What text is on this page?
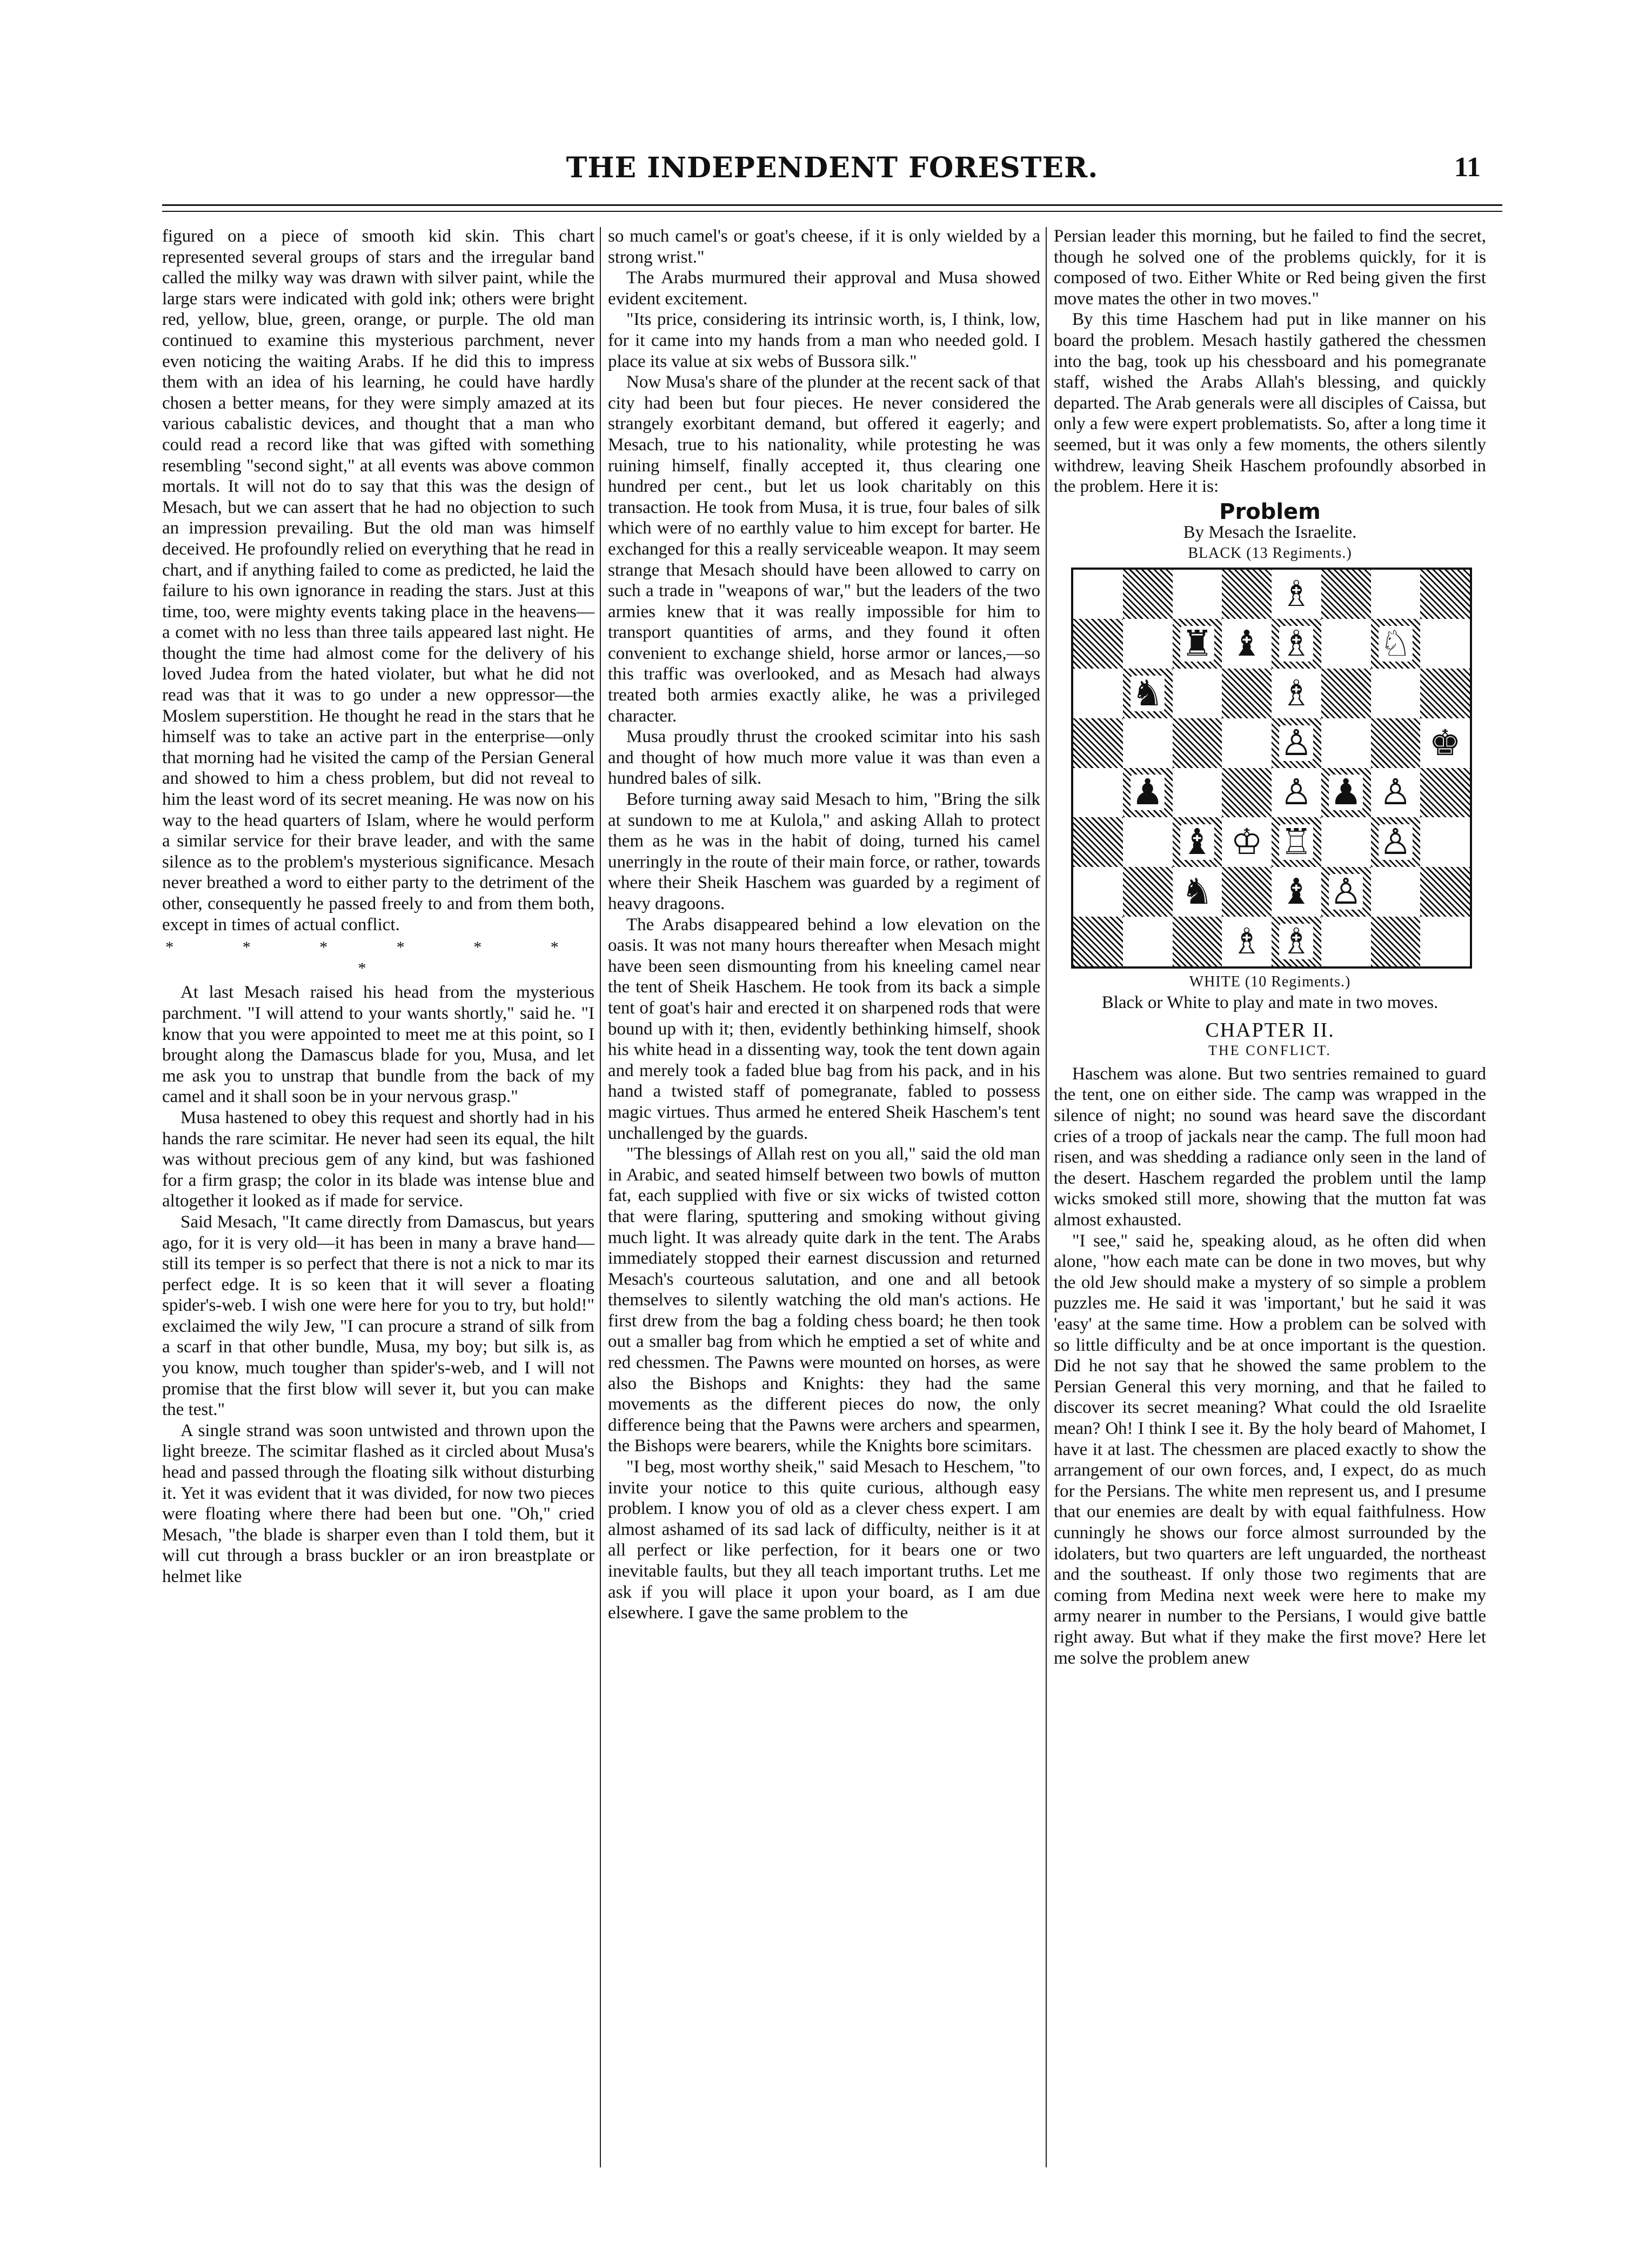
THE INDEPENDENT FORESTER.	11

figured on a piece of smooth kid skin. This chart represented several groups of stars and the irregular band called the milky way was drawn with silver paint, while the large stars were indicated with gold ink; others were bright red, yellow, blue, green, orange, or purple. The old man continued to examine this mysterious parchment, never even noticing the waiting Arabs. If he did this to impress them with an idea of his learning, he could have hardly chosen a better means, for they were simply amazed at its various cabalistic devices, and thought that a man who could read a record like that was gifted with something resembling "second sight," at all events was above common mortals. It will not do to say that this was the design of Mesach, but we can assert that he had no objection to such an impression prevailing. But the old man was himself deceived. He profoundly relied on everything that he read in chart, and if anything failed to come as predicted, he laid the failure to his own ignorance in reading the stars. Just at this time, too, were mighty events taking place in the heavens—a comet with no less than three tails appeared last night. He thought the time had almost come for the delivery of his loved Judea from the hated violater, but what he did not read was that it was to go under a new oppressor—the Moslem superstition. He thought he read in the stars that he himself was to take an active part in the enterprise—only that morning had he visited the camp of the Persian General and showed to him a chess problem, but did not reveal to him the least word of its secret meaning. He was now on his way to the head quarters of Islam, where he would perform a similar service for their brave leader, and with the same silence as to the problem's mysterious significance. Mesach never breathed a word to either party to the detriment of the other, consequently he passed freely to and from them both, except in times of actual conflict.

* * * * * * *

At last Mesach raised his head from the mysterious parchment. "I will attend to your wants shortly," said he. "I know that you were appointed to meet me at this point, so I brought along the Damascus blade for you, Musa, and let me ask you to unstrap that bundle from the back of my camel and it shall soon be in your nervous grasp."

Musa hastened to obey this request and shortly had in his hands the rare scimitar. He never had seen its equal, the hilt was without precious gem of any kind, but was fashioned for a firm grasp; the color in its blade was intense blue and altogether it looked as if made for service.

Said Mesach, "It came directly from Damascus, but years ago, for it is very old—it has been in many a brave hand—still its temper is so perfect that there is not a nick to mar its perfect edge. It is so keen that it will sever a floating spider's-web. I wish one were here for you to try, but hold!" exclaimed the wily Jew, "I can procure a strand of silk from a scarf in that other bundle, Musa, my boy; but silk is, as you know, much tougher than spider's-web, and I will not promise that the first blow will sever it, but you can make the test."

A single strand was soon untwisted and thrown upon the light breeze. The scimitar flashed as it circled about Musa's head and passed through the floating silk without disturbing it. Yet it was evident that it was divided, for now two pieces were floating where there had been but one. "Oh," cried Mesach, "the blade is sharper even than I told them, but it will cut through a brass buckler or an iron breastplate or helmet like

so much camel's or goat's cheese, if it is only wielded by a strong wrist."

The Arabs murmured their approval and Musa showed evident excitement.

"Its price, considering its intrinsic worth, is, I think, low, for it came into my hands from a man who needed gold. I place its value at six webs of Bussora silk."

Now Musa's share of the plunder at the recent sack of that city had been but four pieces. He never considered the strangely exorbitant demand, but offered it eagerly; and Mesach, true to his nationality, while protesting he was ruining himself, finally accepted it, thus clearing one hundred per cent., but let us look charitably on this transaction. He took from Musa, it is true, four bales of silk which were of no earthly value to him except for barter. He exchanged for this a really serviceable weapon. It may seem strange that Mesach should have been allowed to carry on such a trade in "weapons of war," but the leaders of the two armies knew that it was really impossible for him to transport quantities of arms, and they found it often convenient to exchange shield, horse armor or lances,—so this traffic was overlooked, and as Mesach had always treated both armies exactly alike, he was a privileged character.

Musa proudly thrust the crooked scimitar into his sash and thought of how much more value it was than even a hundred bales of silk.

Before turning away said Mesach to him, "Bring the silk at sundown to me at Kulola," and asking Allah to protect them as he was in the habit of doing, turned his camel unerringly in the route of their main force, or rather, towards where their Sheik Haschem was guarded by a regiment of heavy dragoons.

The Arabs disappeared behind a low elevation on the oasis. It was not many hours thereafter when Mesach might have been seen dismounting from his kneeling camel near the tent of Sheik Haschem. He took from its back a simple tent of goat's hair and erected it on sharpened rods that were bound up with it; then, evidently bethinking himself, shook his white head in a dissenting way, took the tent down again and merely took a faded blue bag from his pack, and in his hand a twisted staff of pomegranate, fabled to possess magic virtues. Thus armed he entered Sheik Haschem's tent unchallenged by the guards.

"The blessings of Allah rest on you all," said the old man in Arabic, and seated himself between two bowls of mutton fat, each supplied with five or six wicks of twisted cotton that were flaring, sputtering and smoking without giving much light. It was already quite dark in the tent. The Arabs immediately stopped their earnest discussion and returned Mesach's courteous salutation, and one and all betook themselves to silently watching the old man's actions. He first drew from the bag a folding chess board; he then took out a smaller bag from which he emptied a set of white and red chessmen. The Pawns were mounted on horses, as were also the Bishops and Knights: they had the same movements as the different pieces do now, the only difference being that the Pawns were archers and spearmen, the Bishops were bearers, while the Knights bore scimitars.

"I beg, most worthy sheik," said Mesach to Heschem, "to invite your notice to this quite curious, although easy problem. I know you of old as a clever chess expert. I am almost ashamed of its sad lack of difficulty, neither is it at all perfect or like perfection, for it bears one or two inevitable faults, but they all teach important truths. Let me ask if you will place it upon your board, as I am due elsewhere. I gave the same problem to the

Persian leader this morning, but he failed to find the secret, though he solved one of the problems quickly, for it is composed of two. Either White or Red being given the first move mates the other in two moves."

By this time Haschem had put in like manner on his board the problem. Mesach hastily gathered the chessmen into the bag, took up his chessboard and his pomegranate staff, wished the Arabs Allah's blessing, and quickly departed. The Arab generals were all disciples of Caissa, but only a few were expert problematists. So, after a long time it seemed, but it was only a few moments, the others silently withdrew, leaving Sheik Haschem profoundly absorbed in the problem. Here it is:

Problem
By Mesach the Israelite.
BLACK (13 Regiments.)
♗
♜ ♝ ♗ ♘
♞	♗
♙	♚
♟	♙ ♟ ♙
♝ ♔ ♖ ♙
♞ ♝ ♙
♗ ♗
WHITE (10 Regiments.)

Black or White to play and mate in two moves.

CHAPTER II.
THE CONFLICT.

Haschem was alone. But two sentries remained to guard the tent, one on either side. The camp was wrapped in the silence of night; no sound was heard save the discordant cries of a troop of jackals near the camp. The full moon had risen, and was shedding a radiance only seen in the land of the desert. Haschem regarded the problem until the lamp wicks smoked still more, showing that the mutton fat was almost exhausted.

"I see," said he, speaking aloud, as he often did when alone, "how each mate can be done in two moves, but why the old Jew should make a mystery of so simple a problem puzzles me. He said it was 'important,' but he said it was 'easy' at the same time. How a problem can be solved with so little difficulty and be at once important is the question. Did he not say that he showed the same problem to the Persian General this very morning, and that he failed to discover its secret meaning? What could the old Israelite mean? Oh! I think I see it. By the holy beard of Mahomet, I have it at last. The chessmen are placed exactly to show the arrangement of our own forces, and, I expect, do as much for the Persians. The white men represent us, and I presume that our enemies are dealt by with equal faithfulness. How cunningly he shows our force almost surrounded by the idolaters, but two quarters are left unguarded, the northeast and the southeast. If only those two regiments that are coming from Medina next week were here to make my army nearer in number to the Persians, I would give battle right away. But what if they make the first move? Here let me solve the problem anew
